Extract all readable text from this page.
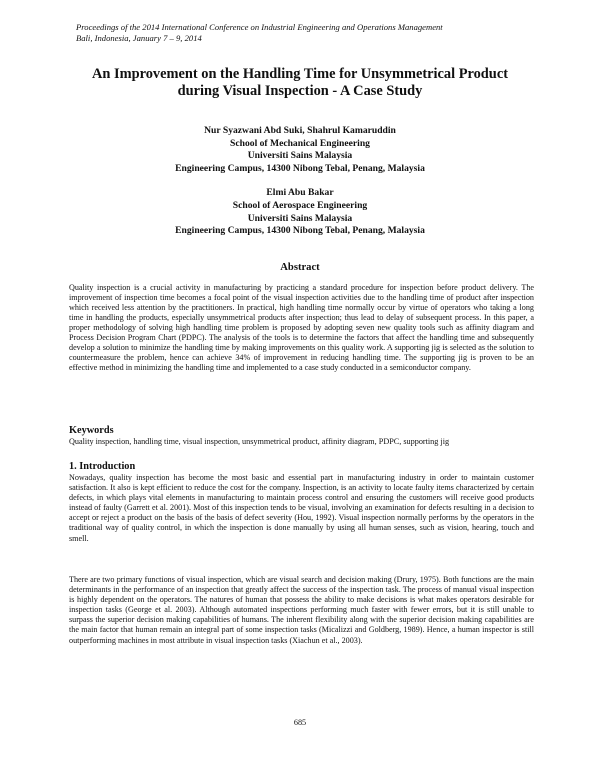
Proceedings of the 2014 International Conference on Industrial Engineering and Operations Management
Bali, Indonesia, January 7 – 9, 2014
An Improvement on the Handling Time for Unsymmetrical Product
during Visual Inspection - A Case Study
Nur Syazwani Abd Suki, Shahrul Kamaruddin
School of Mechanical Engineering
Universiti Sains Malaysia
Engineering Campus, 14300 Nibong Tebal, Penang, Malaysia
Elmi Abu Bakar
School of Aerospace Engineering
Universiti Sains Malaysia
Engineering Campus, 14300 Nibong Tebal, Penang, Malaysia
Abstract

Quality inspection is a crucial activity in manufacturing by practicing a standard procedure for inspection before product delivery. The improvement of inspection time becomes a focal point of the visual inspection activities due to the handling time of product after inspection which received less attention by the practitioners. In practical, high handling time normally occur by virtue of operators who taking a long time in handling the products, especially unsymmetrical products after inspection; thus lead to delay of subsequent process. In this paper, a proper methodology of solving high handling time problem is proposed by adopting seven new quality tools such as affinity diagram and Process Decision Program Chart (PDPC). The analysis of the tools is to determine the factors that affect the handling time and subsequently develop a solution to minimize the handling time by making improvements on this quality work. A supporting jig is selected as the solution to countermeasure the problem, hence can achieve 34% of improvement in reducing handling time. The supporting jig is proven to be an effective method in minimizing the handling time and implemented to a case study conducted in a semiconductor company.

Keywords

Quality inspection, handling time, visual inspection, unsymmetrical product, affinity diagram, PDPC, supporting jig

1. Introduction

Nowadays, quality inspection has become the most basic and essential part in manufacturing industry in order to maintain customer satisfaction. It also is kept efficient to reduce the cost for the company. Inspection, is an activity to locate faulty items characterized by certain defects, in which plays vital elements in manufacturing to maintain process control and ensuring the customers will receive good products instead of faulty (Garrett et al. 2001). Most of this inspection tends to be visual, involving an examination for defects resulting in a decision to accept or reject a product on the basis of the basis of defect severity (Hou, 1992). Visual inspection normally performs by the operators in the traditional way of quality control, in which the inspection is done manually by using all human senses, such as vision, hearing, touch and smell.

There are two primary functions of visual inspection, which are visual search and decision making (Drury, 1975). Both functions are the main determinants in the performance of an inspection that greatly affect the success of the inspection task. The process of manual visual inspection is highly dependent on the operators. The natures of human that possess the ability to make decisions is what makes operators desirable for inspection tasks (George et al. 2003). Although automated inspections performing much faster with fewer errors, but it is still unable to surpass the superior decision making capabilities of humans. The inherent flexibility along with the superior decision making capabilities are the main factor that human remain an integral part of some inspection tasks (Micalizzi and Goldberg, 1989). Hence, a human inspector is still outperforming machines in most attribute in visual inspection tasks (Xiachun et al., 2003).

685
